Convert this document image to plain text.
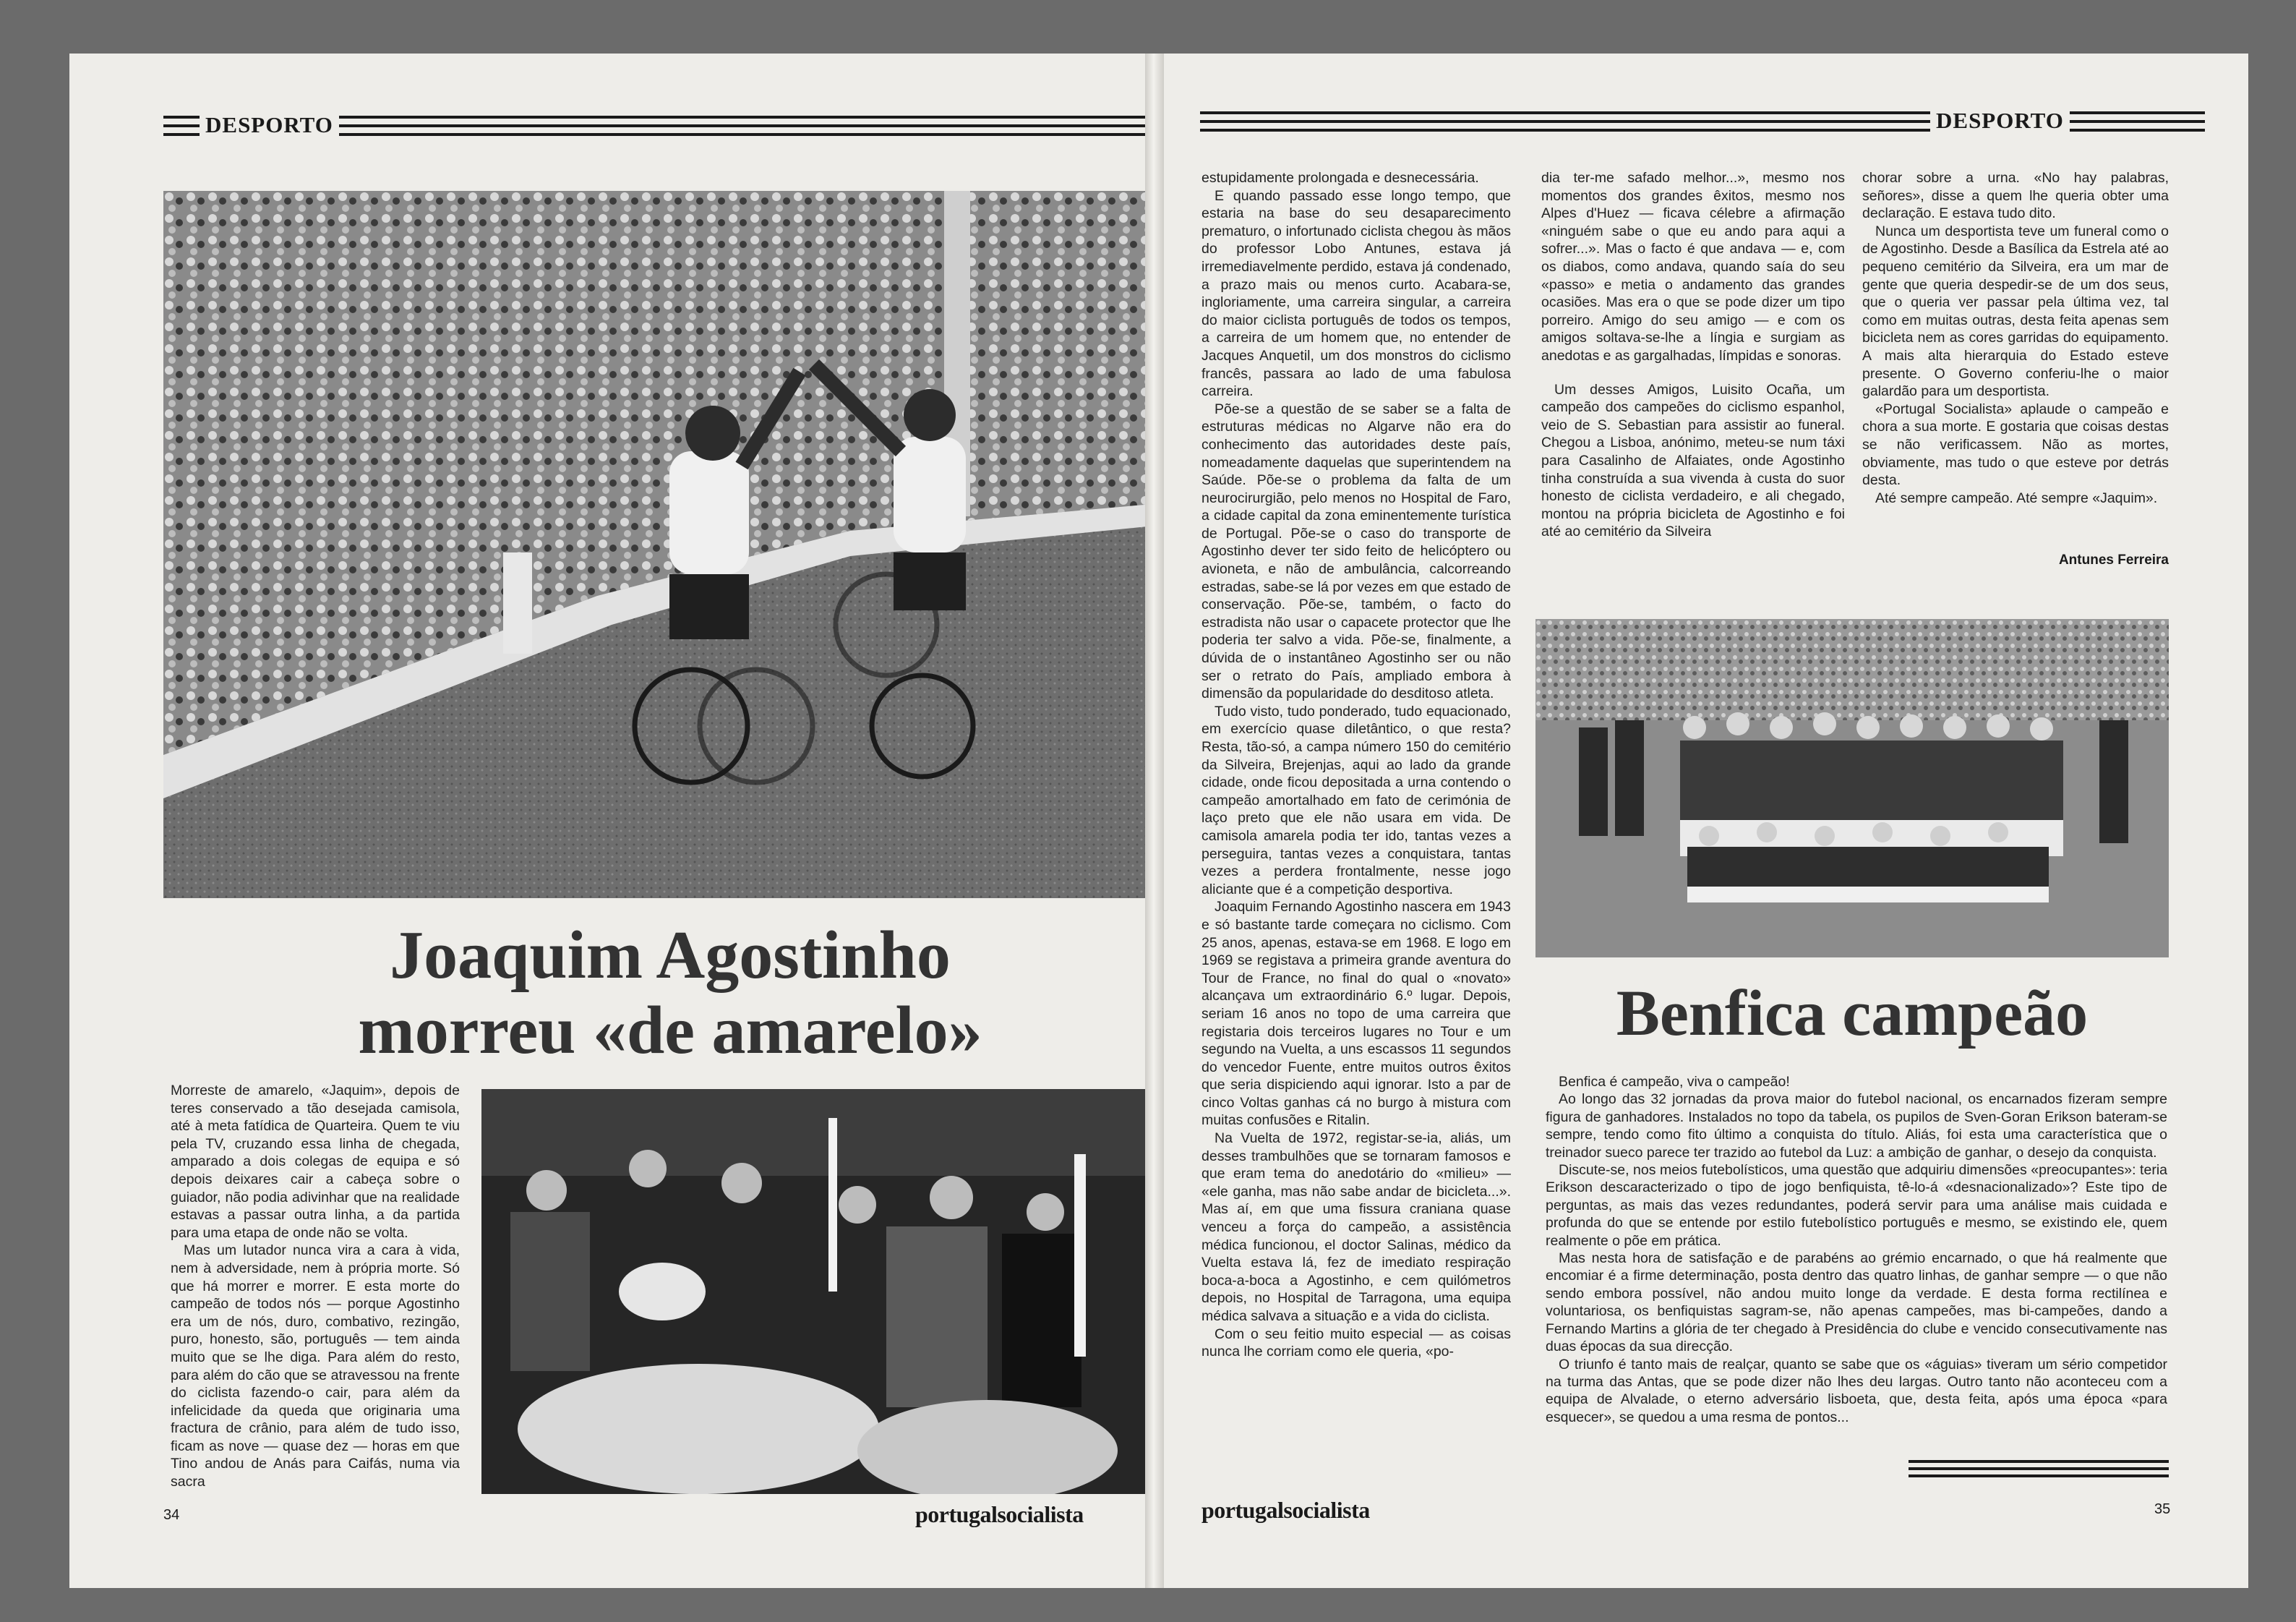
DESPORTO
Joaquim Agostinho
morreu «de amarelo»

Morreste de amarelo, «Jaquim», depois de teres conservado a tão desejada camisola, até à meta fatídica de Quarteira. Quem te viu pela TV, cruzando essa linha de chegada, amparado a dois colegas de equipa e só depois deixares cair a cabeça sobre o guiador, não podia adivinhar que na realidade estavas a passar outra linha, a da partida para uma etapa de onde não se volta.

Mas um lutador nunca vira a cara à vida, nem à adversidade, nem à própria morte. Só que há morrer e morrer. E esta morte do campeão de todos nós — porque Agostinho era um de nós, duro, combativo, rezingão, puro, honesto, são, português — tem ainda muito que se lhe diga. Para além do resto, para além do cão que se atravessou na frente do ciclista fazendo-o cair, para além da infelicidade da queda que originaria uma fractura de crânio, para além de tudo isso, ficam as nove — quase dez — horas em que Tino andou de Anás para Caifás, numa via sacra

34	portugalsocialista
DESPORTO

estupidamente prolongada e desnecessária.

E quando passado esse longo tempo, que estaria na base do seu desaparecimento prematuro, o infortunado ciclista chegou às mãos do professor Lobo Antunes, estava já irremediavelmente perdido, estava já condenado, a prazo mais ou menos curto. Acabara-se, ingloriamente, uma carreira singular, a carreira do maior ciclista português de todos os tempos, a carreira de um homem que, no entender de Jacques Anquetil, um dos monstros do ciclismo francês, passara ao lado de uma fabulosa carreira.

Põe-se a questão de se saber se a falta de estruturas médicas no Algarve não era do conhecimento das autoridades deste país, nomeadamente daquelas que superintendem na Saúde. Põe-se o problema da falta de um neurocirurgião, pelo menos no Hospital de Faro, a cidade capital da zona eminentemente turística de Portugal. Põe-se o caso do transporte de Agostinho dever ter sido feito de helicóptero ou avioneta, e não de ambulância, calcorreando estradas, sabe-se lá por vezes em que estado de conservação. Põe-se, também, o facto do estradista não usar o capacete protector que lhe poderia ter salvo a vida. Põe-se, finalmente, a dúvida de o instantâneo Agostinho ser ou não ser o retrato do País, ampliado embora à dimensão da popularidade do desditoso atleta.

Tudo visto, tudo ponderado, tudo equacionado, em exercício quase diletântico, o que resta? Resta, tão-só, a campa número 150 do cemitério da Silveira, Brejenjas, aqui ao lado da grande cidade, onde ficou depositada a urna contendo o campeão amortalhado em fato de cerimónia de laço preto que ele não usara em vida. De camisola amarela podia ter ido, tantas vezes a perseguira, tantas vezes a conquistara, tantas vezes a perdera frontalmente, nesse jogo aliciante que é a competição desportiva.

Joaquim Fernando Agostinho nascera em 1943 e só bastante tarde começara no ciclismo. Com 25 anos, apenas, estava-se em 1968. E logo em 1969 se registava a primeira grande aventura do Tour de France, no final do qual o «novato» alcançava um extraordinário 6.º lugar. Depois, seriam 16 anos no topo de uma carreira que registaria dois terceiros lugares no Tour e um segundo na Vuelta, a uns escassos 11 segundos do vencedor Fuente, entre muitos outros êxitos que seria dispiciendo aqui ignorar. Isto a par de cinco Voltas ganhas cá no burgo à mistura com muitas confusões e Ritalin.

Na Vuelta de 1972, registar-se-ia, aliás, um desses trambulhões que se tornaram famosos e que eram tema do anedotário do «milieu» — «ele ganha, mas não sabe andar de bicicleta...». Mas aí, em que uma fissura craniana quase venceu a força do campeão, a assistência médica funcionou, el doctor Salinas, médico da Vuelta estava lá, fez de imediato respiração boca-a-boca a Agostinho, e cem quilómetros depois, no Hospital de Tarragona, uma equipa médica salvava a situação e a vida do ciclista.

Com o seu feitio muito especial — as coisas nunca lhe corriam como ele queria, «po-

dia ter-me safado melhor...», mesmo nos momentos dos grandes êxitos, mesmo nos Alpes d'Huez — ficava célebre a afirmação «ninguém sabe o que eu ando para aqui a sofrer...». Mas o facto é que andava — e, com os diabos, como andava, quando saía do seu «passo» e metia o andamento das grandes ocasiões. Mas era o que se pode dizer um tipo porreiro. Amigo do seu amigo — e com os amigos soltava-se-lhe a língia e surgiam as anedotas e as gargalhadas, límpidas e sonoras.

Um desses Amigos, Luisito Ocaña, um campeão dos campeões do ciclismo espanhol, veio de S. Sebastian para assistir ao funeral. Chegou a Lisboa, anónimo, meteu-se num táxi para Casalinho de Alfaiates, onde Agostinho tinha construída a sua vivenda à custa do suor honesto de ciclista verdadeiro, e ali chegado, montou na própria bicicleta de Agostinho e foi até ao cemitério da Silveira

chorar sobre a urna. «No hay palabras, señores», disse a quem lhe queria obter uma declaração. E estava tudo dito.

Nunca um desportista teve um funeral como o de Agostinho. Desde a Basílica da Estrela até ao pequeno cemitério da Silveira, era um mar de gente que queria despedir-se de um dos seus, que o queria ver passar pela última vez, tal como em muitas outras, desta feita apenas sem bicicleta nem as cores garridas do equipamento. A mais alta hierarquia do Estado esteve presente. O Governo conferiu-lhe o maior galardão para um desportista.

«Portugal Socialista» aplaude o campeão e chora a sua morte. E gostaria que coisas destas se não verificassem. Não as mortes, obviamente, mas tudo o que esteve por detrás desta.

Até sempre campeão. Até sempre «Jaquim».

Antunes Ferreira
Benfica campeão

Benfica é campeão, viva o campeão!

Ao longo das 32 jornadas da prova maior do futebol nacional, os encarnados fizeram sempre figura de ganhadores. Instalados no topo da tabela, os pupilos de Sven-Goran Erikson bateram-se sempre, tendo como fito último a conquista do título. Aliás, foi esta uma característica que o treinador sueco parece ter trazido ao futebol da Luz: a ambição de ganhar, o desejo da conquista.

Discute-se, nos meios futebolísticos, uma questão que adquiriu dimensões «preocupantes»: teria Erikson descaracterizado o tipo de jogo benfiquista, tê-lo-á «desnacionalizado»? Este tipo de perguntas, as mais das vezes redundantes, poderá servir para uma análise mais cuidada e profunda do que se entende por estilo futebolístico português e mesmo, se existindo ele, quem realmente o põe em prática.

Mas nesta hora de satisfação e de parabéns ao grémio encarnado, o que há realmente que encomiar é a firme determinação, posta dentro das quatro linhas, de ganhar sempre — o que não sendo embora possível, não andou muito longe da verdade. E desta forma rectilínea e voluntariosa, os benfiquistas sagram-se, não apenas campeões, mas bi-campeões, dando a Fernando Martins a glória de ter chegado à Presidência do clube e vencido consecutivamente nas duas épocas da sua direcção.

O triunfo é tanto mais de realçar, quanto se sabe que os «águias» tiveram um sério competidor na turma das Antas, que se pode dizer não lhes deu largas. Outro tanto não aconteceu com a equipa de Alvalade, o eterno adversário lisboeta, que, desta feita, após uma época «para esquecer», se quedou a uma resma de pontos...

portugalsocialista	35
